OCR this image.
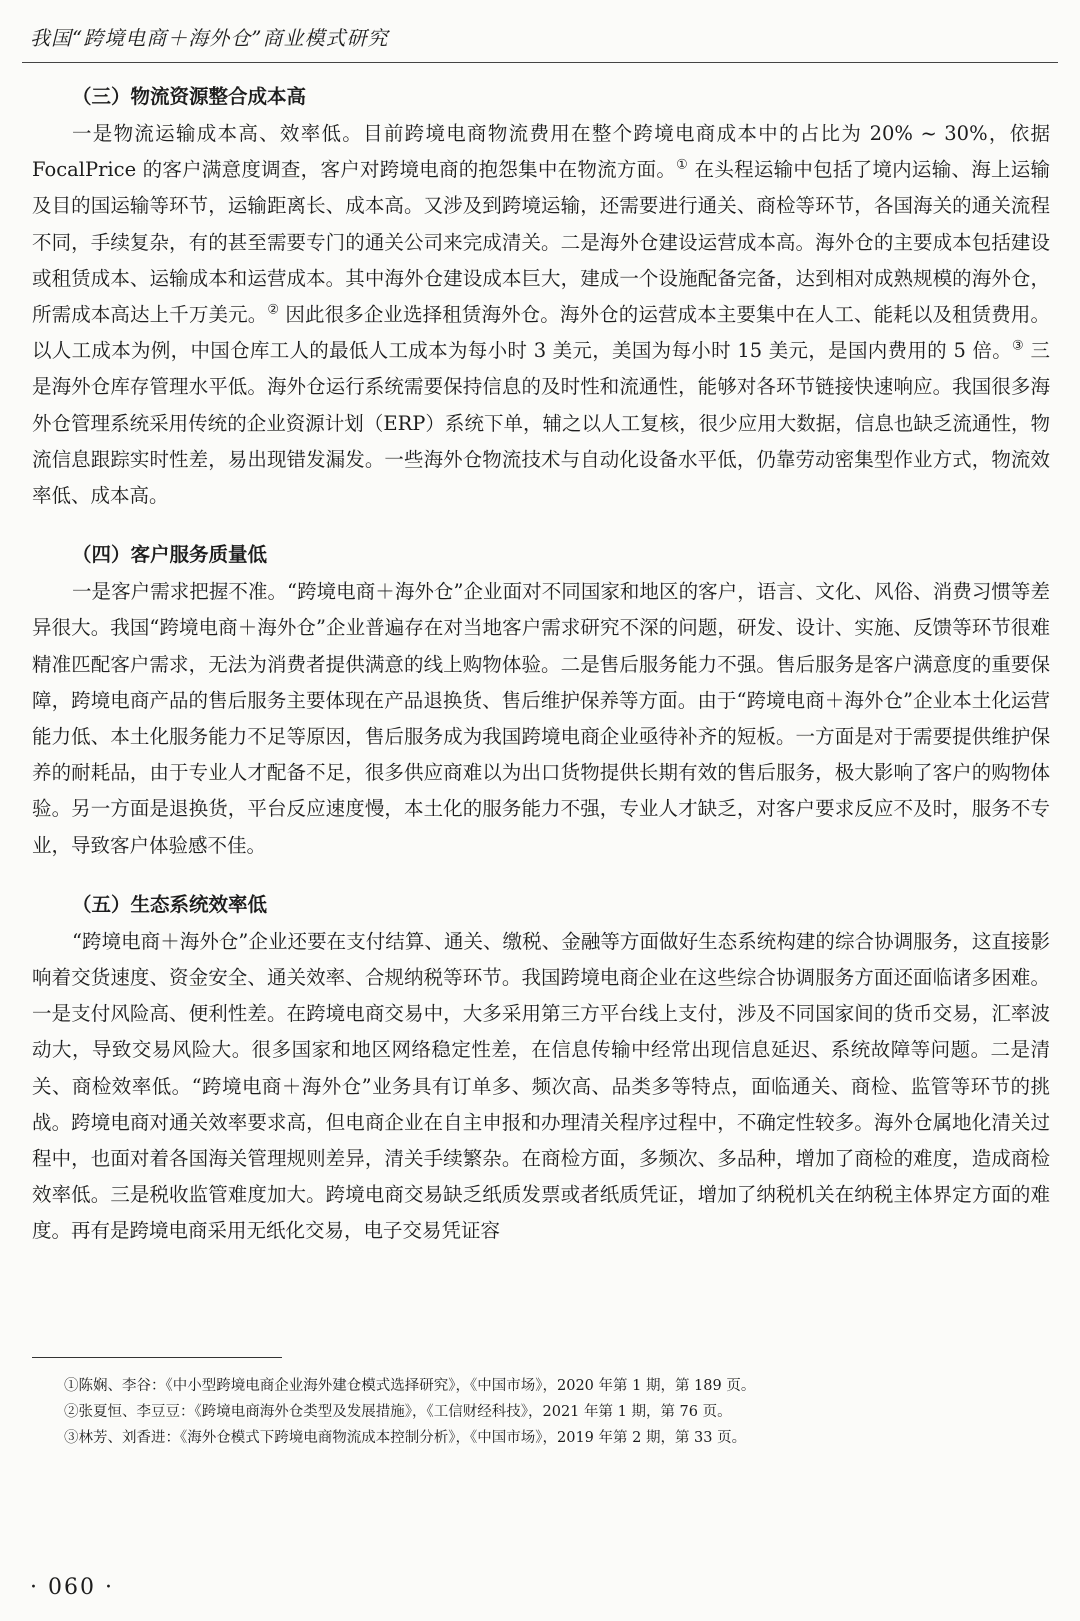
我国“跨境电商＋海外仓”商业模式研究
（三）物流资源整合成本高

一是物流运输成本高、效率低。目前跨境电商物流费用在整个跨境电商成本中的占比为 20% ~ 30%，依据 FocalPrice 的客户满意度调查，客户对跨境电商的抱怨集中在物流方面。① 在头程运输中包括了境内运输、海上运输及目的国运输等环节，运输距离长、成本高。又涉及到跨境运输，还需要进行通关、商检等环节，各国海关的通关流程不同，手续复杂，有的甚至需要专门的通关公司来完成清关。二是海外仓建设运营成本高。海外仓的主要成本包括建设或租赁成本、运输成本和运营成本。其中海外仓建设成本巨大，建成一个设施配备完备，达到相对成熟规模的海外仓，所需成本高达上千万美元。② 因此很多企业选择租赁海外仓。海外仓的运营成本主要集中在人工、能耗以及租赁费用。以人工成本为例，中国仓库工人的最低人工成本为每小时 3 美元，美国为每小时 15 美元，是国内费用的 5 倍。③ 三是海外仓库存管理水平低。海外仓运行系统需要保持信息的及时性和流通性，能够对各环节链接快速响应。我国很多海外仓管理系统采用传统的企业资源计划（ERP）系统下单，辅之以人工复核，很少应用大数据，信息也缺乏流通性，物流信息跟踪实时性差，易出现错发漏发。一些海外仓物流技术与自动化设备水平低，仍靠劳动密集型作业方式，物流效率低、成本高。

（四）客户服务质量低

一是客户需求把握不准。“跨境电商＋海外仓”企业面对不同国家和地区的客户，语言、文化、风俗、消费习惯等差异很大。我国“跨境电商＋海外仓”企业普遍存在对当地客户需求研究不深的问题，研发、设计、实施、反馈等环节很难精准匹配客户需求，无法为消费者提供满意的线上购物体验。二是售后服务能力不强。售后服务是客户满意度的重要保障，跨境电商产品的售后服务主要体现在产品退换货、售后维护保养等方面。由于“跨境电商＋海外仓”企业本土化运营能力低、本土化服务能力不足等原因，售后服务成为我国跨境电商企业亟待补齐的短板。一方面是对于需要提供维护保养的耐耗品，由于专业人才配备不足，很多供应商难以为出口货物提供长期有效的售后服务，极大影响了客户的购物体验。另一方面是退换货，平台反应速度慢，本土化的服务能力不强，专业人才缺乏，对客户要求反应不及时，服务不专业，导致客户体验感不佳。

（五）生态系统效率低

“跨境电商＋海外仓”企业还要在支付结算、通关、缴税、金融等方面做好生态系统构建的综合协调服务，这直接影响着交货速度、资金安全、通关效率、合规纳税等环节。我国跨境电商企业在这些综合协调服务方面还面临诸多困难。一是支付风险高、便利性差。在跨境电商交易中，大多采用第三方平台线上支付，涉及不同国家间的货币交易，汇率波动大，导致交易风险大。很多国家和地区网络稳定性差，在信息传输中经常出现信息延迟、系统故障等问题。二是清关、商检效率低。“跨境电商＋海外仓”业务具有订单多、频次高、品类多等特点，面临通关、商检、监管等环节的挑战。跨境电商对通关效率要求高，但电商企业在自主申报和办理清关程序过程中，不确定性较多。海外仓属地化清关过程中，也面对着各国海关管理规则差异，清关手续繁杂。在商检方面，多频次、多品种，增加了商检的难度，造成商检效率低。三是税收监管难度加大。跨境电商交易缺乏纸质发票或者纸质凭证，增加了纳税机关在纳税主体界定方面的难度。再有是跨境电商采用无纸化交易，电子交易凭证容

①陈娴、李谷：《中小型跨境电商企业海外建仓模式选择研究》，《中国市场》，2020 年第 1 期，第 189 页。

②张夏恒、李豆豆：《跨境电商海外仓类型及发展措施》，《工信财经科技》，2021 年第 1 期，第 76 页。

③林芳、刘香进：《海外仓模式下跨境电商物流成本控制分析》，《中国市场》，2019 年第 2 期，第 33 页。

· 060 ·
